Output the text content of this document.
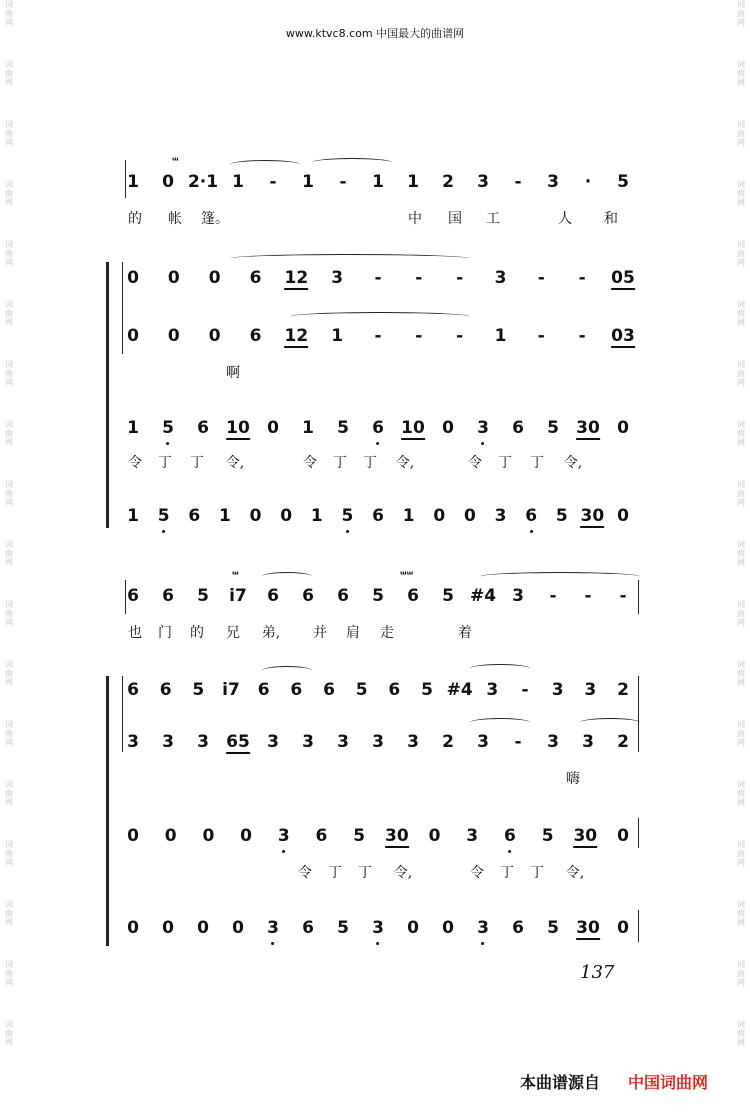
www.ktvc8.com 中国最大的曲谱网
词
曲
网
词
曲
网
词
曲
网
词
曲
网
词
曲
网
词
曲
网
词
曲
网
词
曲
网
词
曲
网
词
曲
网
词
曲
网
词
曲
网
词
曲
网
词
曲
网
词
曲
网
词
曲
网
词
曲
网
词
曲
网
词
曲
网
词
曲
网
词
曲
网
词
曲
网
词
曲
网
词
曲
网
词
曲
网
词
曲
网
词
曲
网
词
曲
网
词
曲
网
词
曲
网
词
曲
网
词
曲
网
词
曲
网
词
曲
网
词
曲
网
词
曲
网
1 0 2·1 1 - 1 - 1 1 2 3 - 3 · 5
的 帐 篷。	中 国 工	人 和
0 0 0 6 12 3 - - - 3 - - 05
0 0 0 6 12 1 - - - 1 - - 03
啊
1 5 6 10 0 1 5 6 10 0 3 6 5 30 0
令 丁 丁 令,	令 丁 丁 令,	令 丁 丁 令,
1 5 6 1 0 0 1 5 6 1 0 0 3 6 5 30 0
6 6 5 i7 6 6 6 5 6 5 #4 3 - - -
也 门 的 兄 弟, 并 肩 走	着
6 6 5 i7 6 6 6 5 6 5 #4 3 - 3 3 2
3 3 3 65 3 3 3 3 3 2 3 - 3 3 2
嗨
0 0 0 0 3 6 5 30 0 3 6 5 30 0
令 丁 丁 令,	令 丁 丁 令,
0 0 0 0 3 6 5 3 0 0 3 6 5 30 0
ᵚ
ᵚ	ᵚᵚ
137
本曲谱源自 中国词曲网
